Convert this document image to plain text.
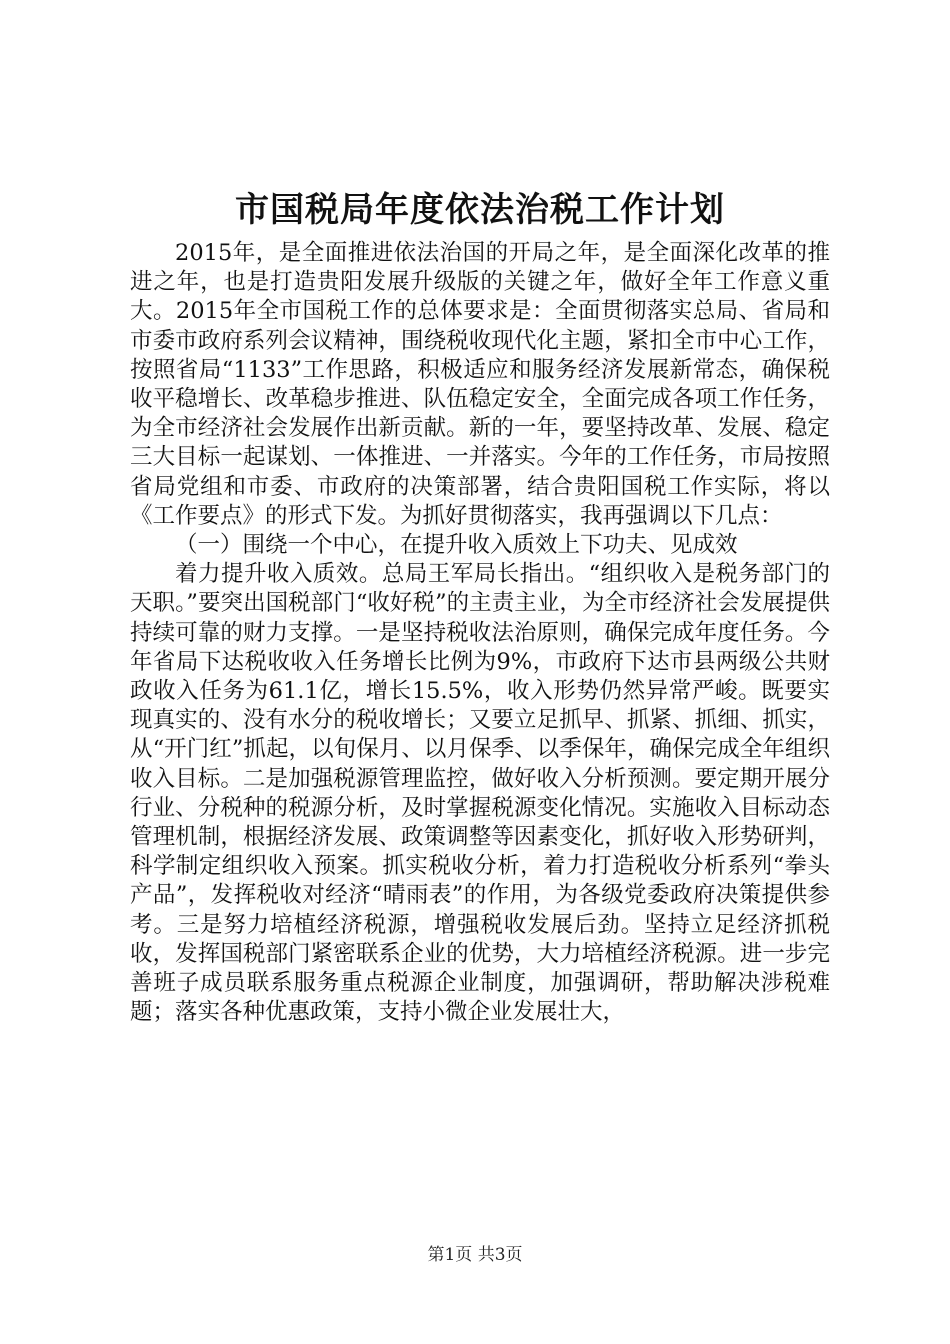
市国税局年度依法治税工作计划

2015年，是全面推进依法治国的开局之年，是全面深化改革的推进之年，也是打造贵阳发展升级版的关键之年，做好全年工作意义重大。2015年全市国税工作的总体要求是：全面贯彻落实总局、省局和市委市政府系列会议精神，围绕税收现代化主题，紧扣全市中心工作，按照省局“1133”工作思路，积极适应和服务经济发展新常态，确保税收平稳增长、改革稳步推进、队伍稳定安全，全面完成各项工作任务，为全市经济社会发展作出新贡献。新的一年，要坚持改革、发展、稳定三大目标一起谋划、一体推进、一并落实。今年的工作任务，市局按照省局党组和市委、市政府的决策部署，结合贵阳国税工作实际，将以《工作要点》的形式下发。为抓好贯彻落实，我再强调以下几点：

（一）围绕一个中心，在提升收入质效上下功夫、见成效

着力提升收入质效。总局王军局长指出。“组织收入是税务部门的天职。”要突出国税部门“收好税”的主责主业，为全市经济社会发展提供持续可靠的财力支撑。一是坚持税收法治原则，确保完成年度任务。今年省局下达税收收入任务增长比例为9%，市政府下达市县两级公共财政收入任务为61.1亿，增长15.5%，收入形势仍然异常严峻。既要实现真实的、没有水分的税收增长；又要立足抓早、抓紧、抓细、抓实，从“开门红”抓起，以旬保月、以月保季、以季保年，确保完成全年组织收入目标。二是加强税源管理监控，做好收入分析预测。要定期开展分行业、分税种的税源分析，及时掌握税源变化情况。实施收入目标动态管理机制，根据经济发展、政策调整等因素变化，抓好收入形势研判，科学制定组织收入预案。抓实税收分析，着力打造税收分析系列“拳头产品”，发挥税收对经济“晴雨表”的作用，为各级党委政府决策提供参考。三是努力培植经济税源，增强税收发展后劲。坚持立足经济抓税收，发挥国税部门紧密联系企业的优势，大力培植经济税源。进一步完善班子成员联系服务重点税源企业制度，加强调研，帮助解决涉税难题；落实各种优惠政策，支持小微企业发展壮大，

第1页 共3页
